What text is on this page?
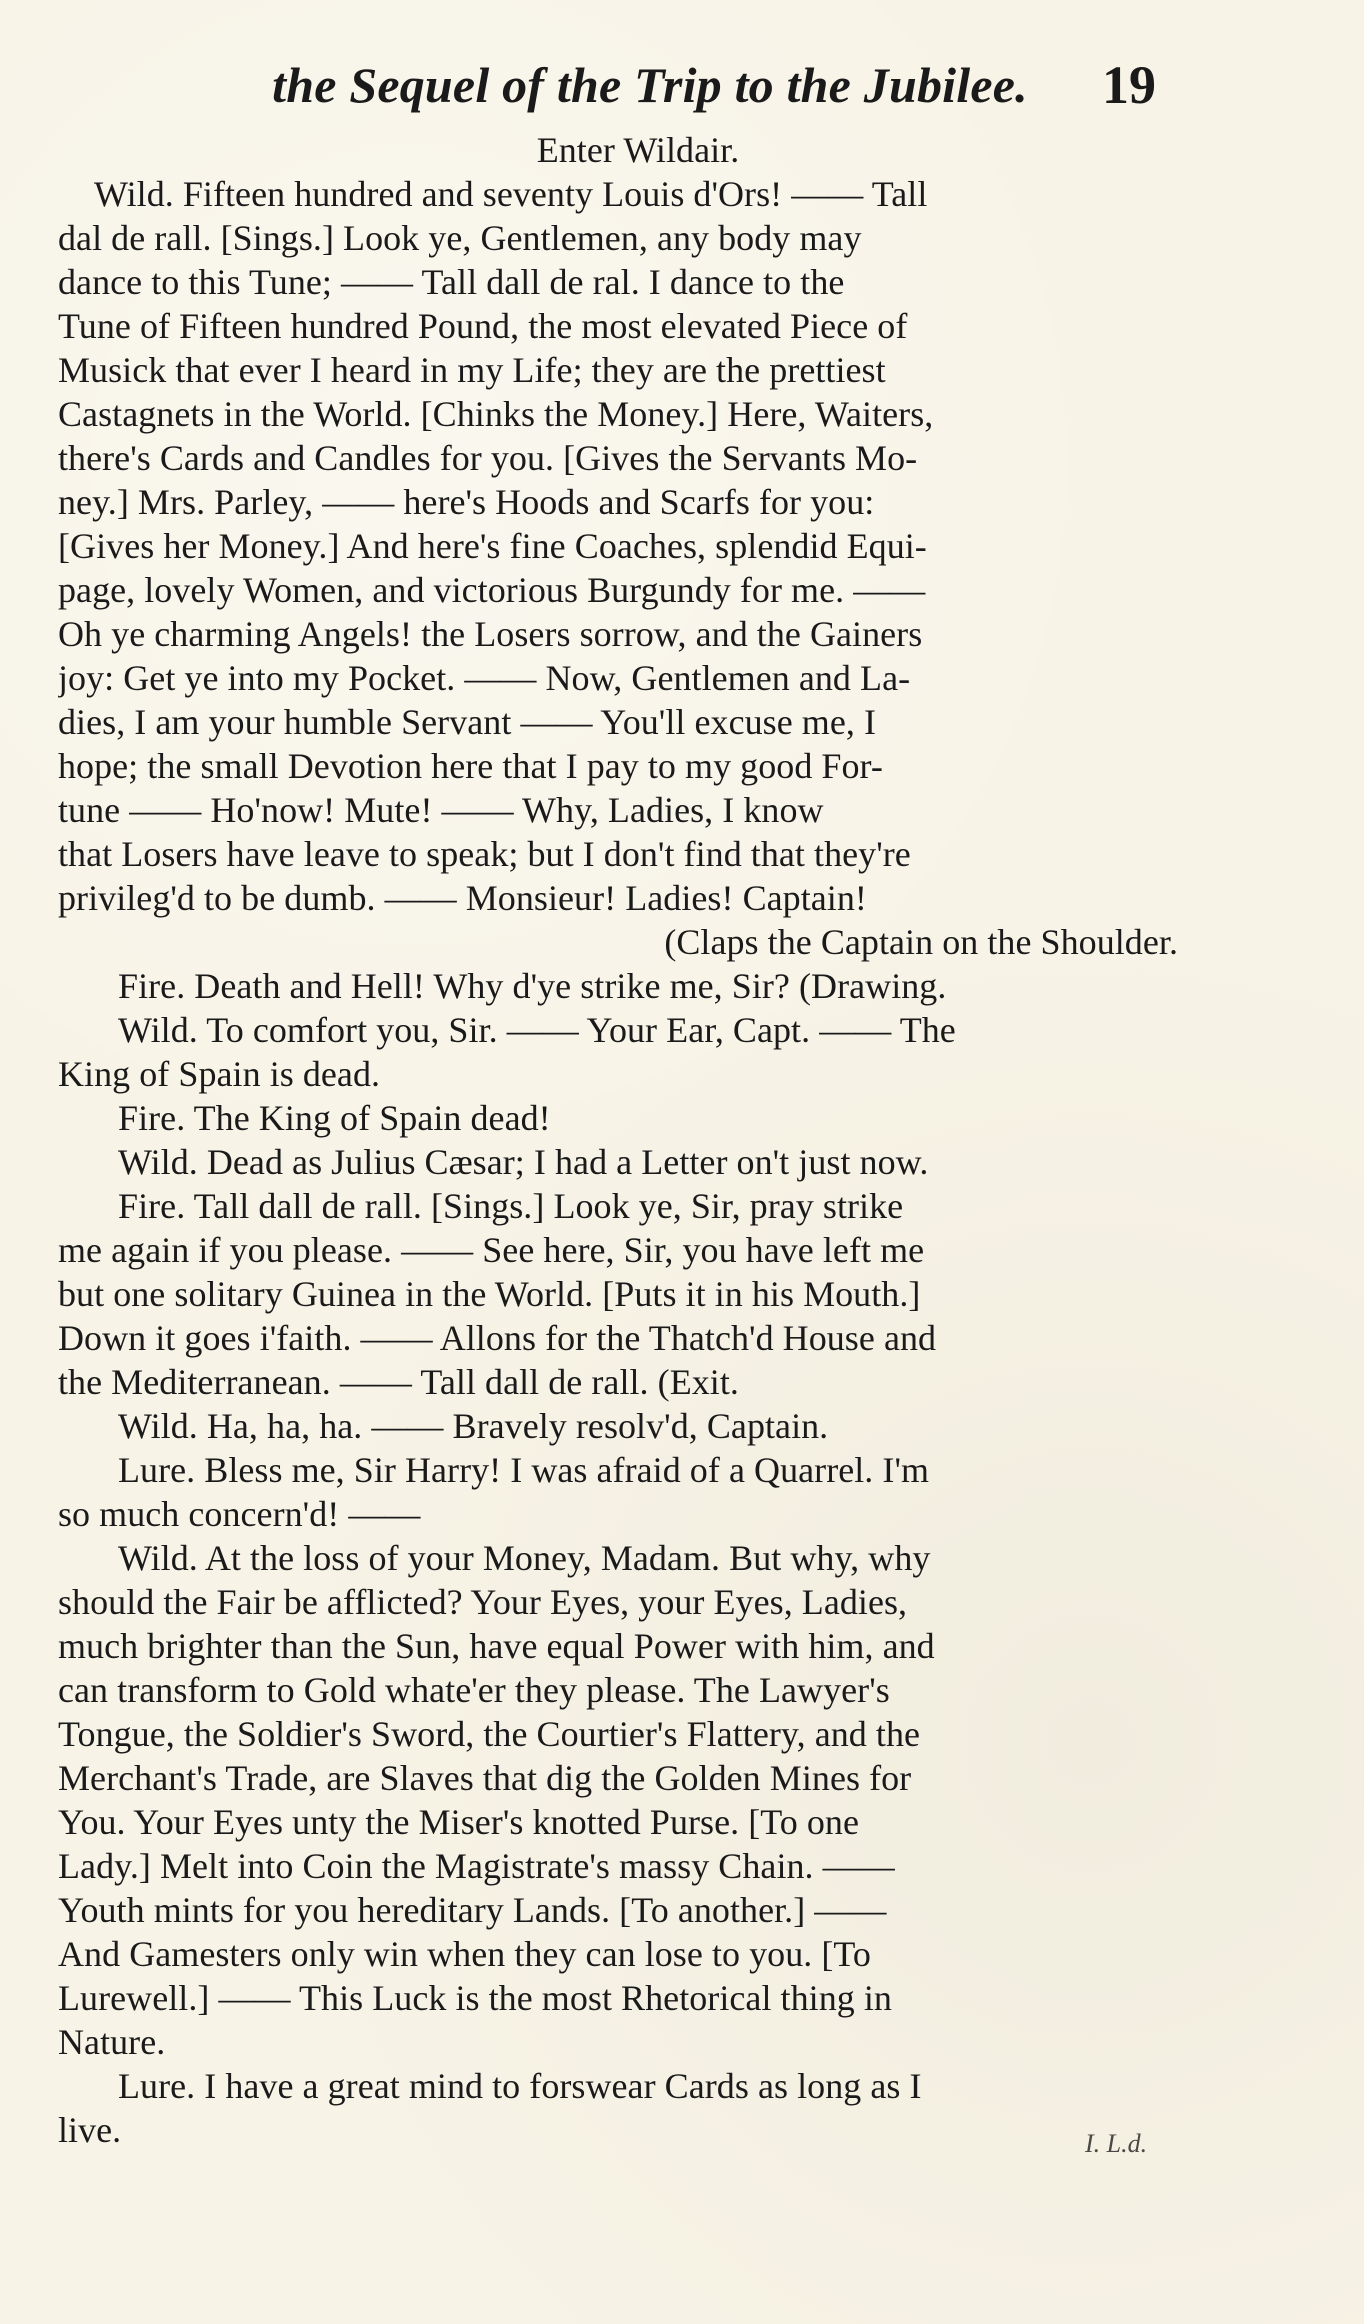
the Sequel of the Trip to the Jubilee.	19
Enter Wildair.
Wild. Fifteen hundred and seventy Louis d'Ors! —— Tall
dal de rall. [Sings.] Look ye, Gentlemen, any body may
dance to this Tune; —— Tall dall de ral. I dance to the
Tune of Fifteen hundred Pound, the most elevated Piece of
Musick that ever I heard in my Life; they are the prettiest
Castagnets in the World. [Chinks the Money.] Here, Waiters,
there's Cards and Candles for you. [Gives the Servants Mo-
ney.] Mrs. Parley, —— here's Hoods and Scarfs for you:
[Gives her Money.] And here's fine Coaches, splendid Equi-
page, lovely Women, and victorious Burgundy for me. ——
Oh ye charming Angels! the Losers sorrow, and the Gainers
joy: Get ye into my Pocket. —— Now, Gentlemen and La-
dies, I am your humble Servant —— You'll excuse me, I
hope; the small Devotion here that I pay to my good For-
tune —— Ho'now! Mute! —— Why, Ladies, I know
that Losers have leave to speak; but I don't find that they're
privileg'd to be dumb. —— Monsieur! Ladies! Captain!
(Claps the Captain on the Shoulder.
Fire. Death and Hell! Why d'ye strike me, Sir? (Drawing.
Wild. To comfort you, Sir. —— Your Ear, Capt. —— The
King of Spain is dead.
Fire. The King of Spain dead!
Wild. Dead as Julius Cæsar; I had a Letter on't just now.
Fire. Tall dall de rall. [Sings.] Look ye, Sir, pray strike
me again if you please. —— See here, Sir, you have left me
but one solitary Guinea in the World. [Puts it in his Mouth.]
Down it goes i'faith. —— Allons for the Thatch'd House and
the Mediterranean. —— Tall dall de rall. (Exit.
Wild. Ha, ha, ha. —— Bravely resolv'd, Captain.
Lure. Bless me, Sir Harry! I was afraid of a Quarrel. I'm
so much concern'd! ——
Wild. At the loss of your Money, Madam. But why, why
should the Fair be afflicted? Your Eyes, your Eyes, Ladies,
much brighter than the Sun, have equal Power with him, and
can transform to Gold whate'er they please. The Lawyer's
Tongue, the Soldier's Sword, the Courtier's Flattery, and the
Merchant's Trade, are Slaves that dig the Golden Mines for
You. Your Eyes unty the Miser's knotted Purse. [To one
Lady.] Melt into Coin the Magistrate's massy Chain. ——
Youth mints for you hereditary Lands. [To another.] ——
And Gamesters only win when they can lose to you. [To
Lurewell.] —— This Luck is the most Rhetorical thing in
Nature.
Lure. I have a great mind to forswear Cards as long as I
live.	I. L.d.
